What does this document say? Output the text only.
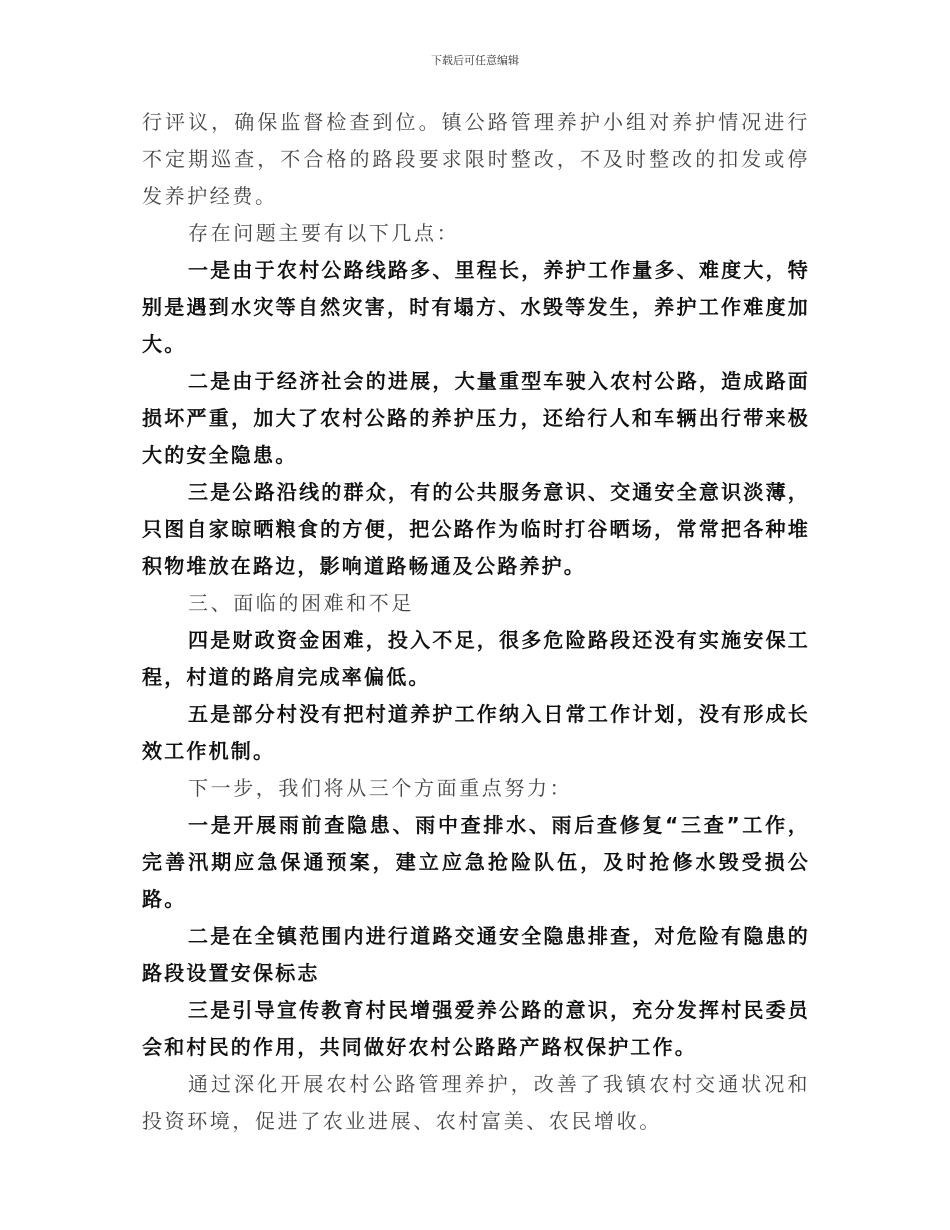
下载后可任意编辑

行评议，确保监督检查到位。镇公路管理养护小组对养护情况进行不定期巡查，不合格的路段要求限时整改，不及时整改的扣发或停发养护经费。

存在问题主要有以下几点：

一是由于农村公路线路多、里程长，养护工作量多、难度大，特别是遇到水灾等自然灾害，时有塌方、水毁等发生，养护工作难度加大。

二是由于经济社会的进展，大量重型车驶入农村公路，造成路面损坏严重，加大了农村公路的养护压力，还给行人和车辆出行带来极大的安全隐患。

三是公路沿线的群众，有的公共服务意识、交通安全意识淡薄，只图自家晾晒粮食的方便，把公路作为临时打谷晒场，常常把各种堆积物堆放在路边，影响道路畅通及公路养护。

三、面临的困难和不足

四是财政资金困难，投入不足，很多危险路段还没有实施安保工程，村道的路肩完成率偏低。

五是部分村没有把村道养护工作纳入日常工作计划，没有形成长效工作机制。

下一步，我们将从三个方面重点努力：

一是开展雨前查隐患、雨中查排水、雨后查修复“三查”工作，完善汛期应急保通预案，建立应急抢险队伍，及时抢修水毁受损公路。

二是在全镇范围内进行道路交通安全隐患排查，对危险有隐患的路段设置安保标志

三是引导宣传教育村民增强爱养公路的意识，充分发挥村民委员会和村民的作用，共同做好农村公路路产路权保护工作。

通过深化开展农村公路管理养护，改善了我镇农村交通状况和投资环境，促进了农业进展、农村富美、农民增收。
